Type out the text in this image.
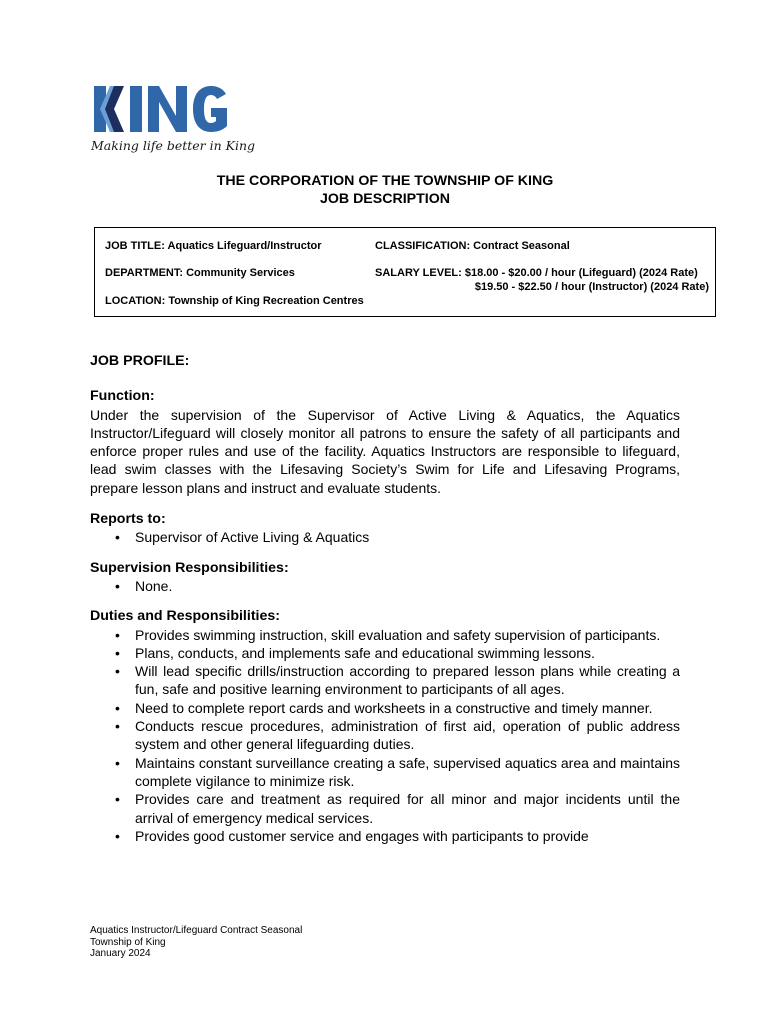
Making life better in King
THE CORPORATION OF THE TOWNSHIP OF KING
JOB DESCRIPTION
JOB TITLE: Aquatics Lifeguard/Instructor	CLASSIFICATION: Contract Seasonal
DEPARTMENT: Community Services	SALARY LEVEL: $18.00 - $20.00 / hour (Lifeguard) (2024 Rate)
$19.50 - $22.50 / hour (Instructor) (2024 Rate)
LOCATION: Township of King Recreation Centres
JOB PROFILE:
Function:

Under the supervision of the Supervisor of Active Living & Aquatics, the Aquatics Instructor/Lifeguard will closely monitor all patrons to ensure the safety of all participants and enforce proper rules and use of the facility. Aquatics Instructors are responsible to lifeguard, lead swim classes with the Lifesaving Society’s Swim for Life and Lifesaving Programs, prepare lesson plans and instruct and evaluate students.

Reports to:
• Supervisor of Active Living & Aquatics
Supervision Responsibilities:
• None.
Duties and Responsibilities:
• Provides swimming instruction, skill evaluation and safety supervision of participants.
• Plans, conducts, and implements safe and educational swimming lessons.
• Will lead specific drills/instruction according to prepared lesson plans while creating a fun, safe and positive learning environment to participants of all ages.
• Need to complete report cards and worksheets in a constructive and timely manner.
• Conducts rescue procedures, administration of first aid, operation of public address system and other general lifeguarding duties.
• Maintains constant surveillance creating a safe, supervised aquatics area and maintains complete vigilance to minimize risk.
• Provides care and treatment as required for all minor and major incidents until the arrival of emergency medical services.
• Provides good customer service and engages with participants to provide
Aquatics Instructor/Lifeguard Contract Seasonal
Township of King
January 2024
